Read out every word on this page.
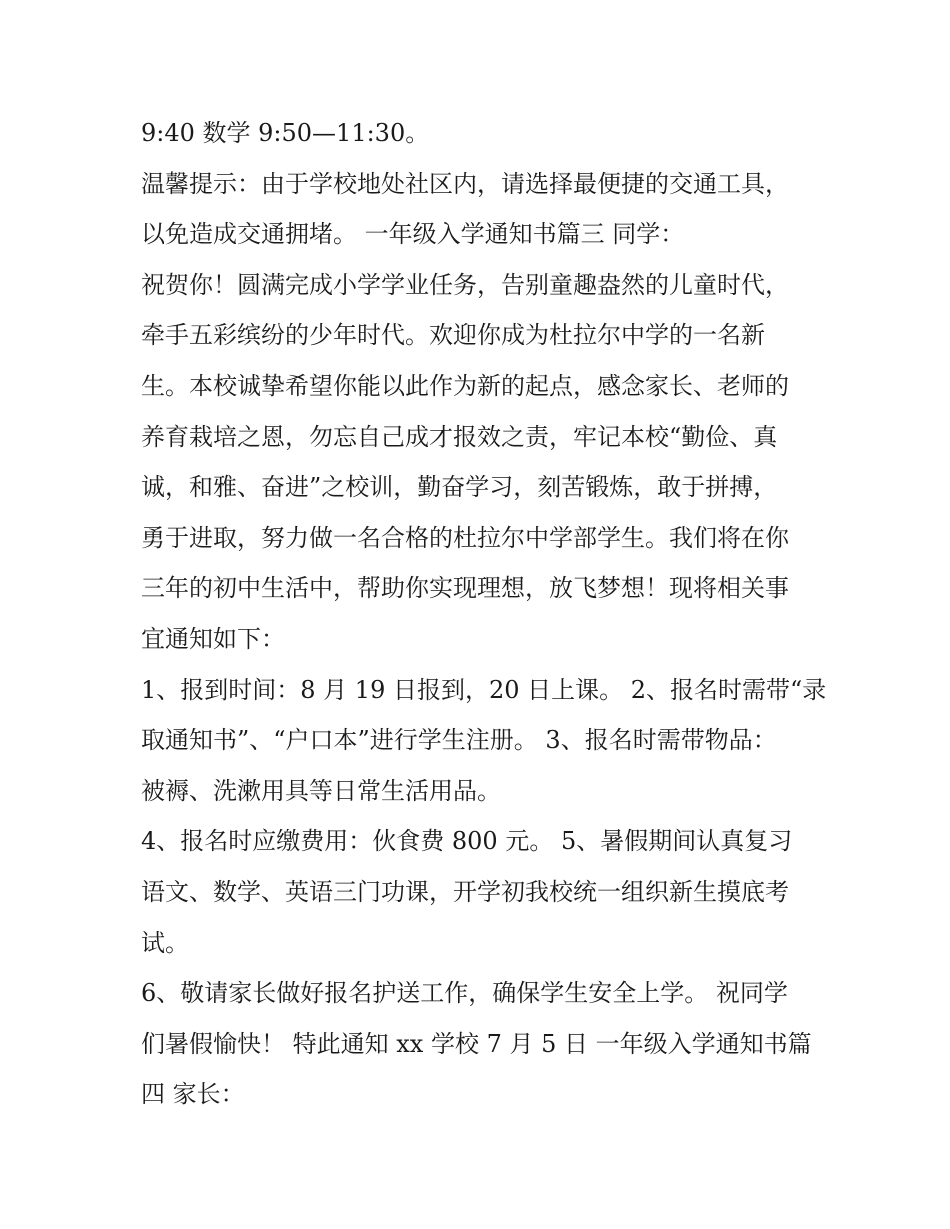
9:40 数学 9:50—11:30。

温馨提示：由于学校地处社区内，请选择最便捷的交通工具，

以免造成交通拥堵。 一年级入学通知书篇三 同学：

祝贺你！圆满完成小学学业任务，告别童趣盎然的儿童时代，

牵手五彩缤纷的少年时代。欢迎你成为杜拉尔中学的一名新

生。本校诚挚希望你能以此作为新的起点，感念家长、老师的

养育栽培之恩，勿忘自己成才报效之责，牢记本校“勤俭、真

诚，和雅、奋进”之校训，勤奋学习，刻苦锻炼，敢于拼搏，

勇于进取，努力做一名合格的杜拉尔中学部学生。我们将在你

三年的初中生活中，帮助你实现理想，放飞梦想！现将相关事

宜通知如下：

1、报到时间：8 月 19 日报到，20 日上课。 2、报名时需带“录

取通知书”、“户口本”进行学生注册。 3、报名时需带物品：

被褥、洗漱用具等日常生活用品。

4、报名时应缴费用：伙食费 800 元。 5、暑假期间认真复习

语文、数学、英语三门功课，开学初我校统一组织新生摸底考

试。

6、敬请家长做好报名护送工作，确保学生安全上学。 祝同学

们暑假愉快！ 特此通知 xx 学校 7 月 5 日 一年级入学通知书篇

四 家长：
